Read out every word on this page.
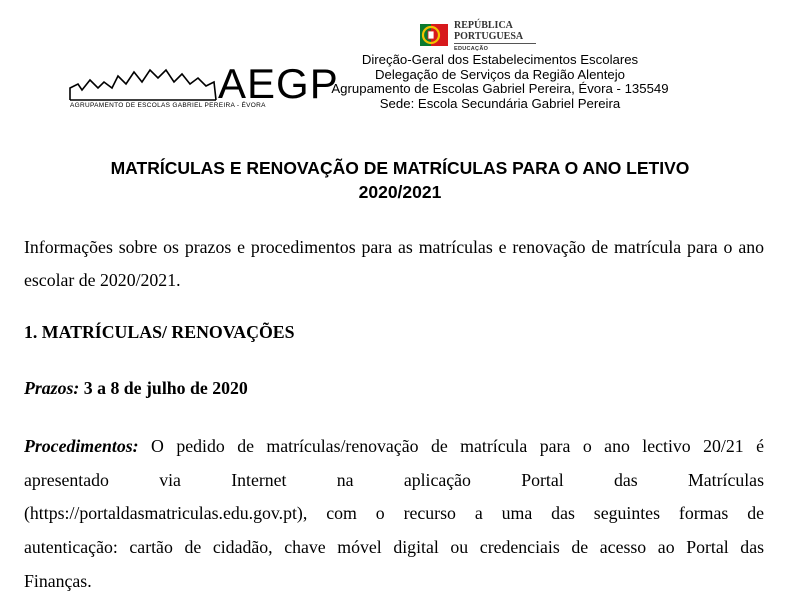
AEGP
AGRUPAMENTO DE ESCOLAS GABRIEL PEREIRA - ÉVORA
REPÚBLICA
PORTUGUESA
EDUCAÇÃO
Direção-Geral dos Estabelecimentos Escolares
Delegação de Serviços da Região Alentejo
Agrupamento de Escolas Gabriel Pereira, Évora - 135549
Sede: Escola Secundária Gabriel Pereira
MATRÍCULAS E RENOVAÇÃO DE MATRÍCULAS PARA O ANO LETIVO
2020/2021
Informações sobre os prazos e procedimentos para as matrículas e renovação de matrícula para o ano escolar de 2020/2021.
1. MATRÍCULAS/ RENOVAÇÕES
Prazos: 3 a 8 de julho de 2020
Procedimentos: O pedido de matrículas/renovação de matrícula para o ano lectivo 20/21 é
apresentado via Internet na aplicação Portal das Matrículas
(https://portaldasmatriculas.edu.gov.pt), com o recurso a uma das seguintes formas de
autenticação: cartão de cidadão, chave móvel digital ou credenciais de acesso ao Portal das
Finanças.
